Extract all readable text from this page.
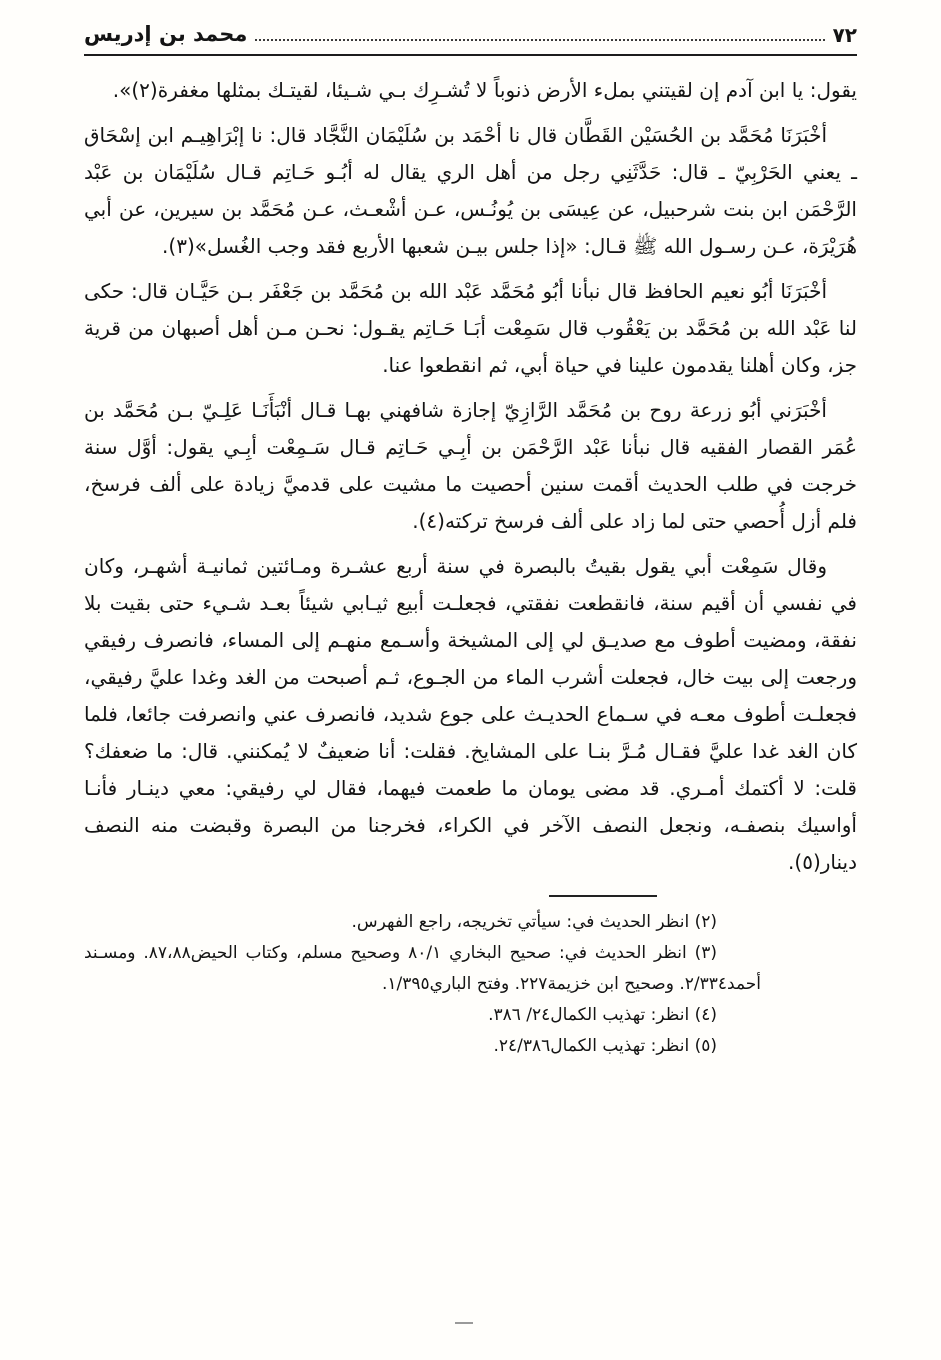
٧٢
محمد بن إدريس

يقول: يا ابن آدم إن لقيتني بملء الأرض ذنوباً لا تُشـرِك بـي شـيئا، لقيتـك بمثلها مغفرة(٢)».

أخْبَرَنَا مُحَمَّد بن الحُسَيْن القَطَّان قال نا أحْمَد بن سُلَيْمَان النَّجَّاد قال: نا إبْرَاهِيـم ابن إسْحَاق ـ يعني الحَرْبِيّ ـ قال: حَدَّثَنِي رجل من أهل الري يقال له أبُـو حَـاتِم قـال سُلَيْمَان بن عَبْد الرَّحْمَن ابن بنت شرحبيل، عن عِيسَى بن يُونُـس، عـن أشْعـث، عـن مُحَمَّد بن سيرين، عن أبي هُرَيْرَة، عـن رسـول الله ﷺ قـال: «إذا جلس بيـن شعبها الأربع فقد وجب الغُسل»(٣).

أخْبَرَنَا أبُو نعيم الحافظ قال نبأنا أبُو مُحَمَّد عَبْد الله بن مُحَمَّد بن جَعْفَر بـن حَيَّـان قال: حكى لنا عَبْد الله بن مُحَمَّد بن يَعْقُوب قال سَمِعْت أبَـا حَـاتِم يقـول: نحـن مـن أهل أصبهان من قرية جز، وكان أهلنا يقدمون علينا في حياة أبي، ثم انقطعوا عنا.

أخْبَرَني أبُو زرعة روح بن مُحَمَّد الرَّازِيّ إجازة شافهني بهـا قـال أنْبَأَنَـا عَلِـيّ بـن مُحَمَّد بن عُمَر القصار الفقيه قال نبأنا عَبْد الرَّحْمَن بن أبِـي حَـاتِم قـال سَـمِعْت أبِـي يقول: أوَّل سنة خرجت في طلب الحديث أقمت سنين أحصيت ما مشيت على قدميَّ زيادة على ألف فرسخ، فلم أزل أُحصي حتى لما زاد على ألف فرسخ تركته(٤).

وقال سَمِعْت أبي يقول بقيتُ بالبصرة في سنة أربع عشـرة ومـائتين ثمانيـة أشهـر، وكان في نفسي أن أقيم سنة، فانقطعت نفقتي، فجعلـت أبيع ثيـابي شيئاً بعـد شـيء حتى بقيت بلا نفقة، ومضيت أطوف مع صديـق لي إلى المشيخة وأسـمع منهـم إلى المساء، فانصرف رفيقي ورجعت إلى بيت خال، فجعلت أشرب الماء من الجـوع، ثـم أصبحت من الغد وغدا عليَّ رفيقي، فجعلـت أطوف معـه في سـماع الحديـث على جوع شديد، فانصرف عني وانصرفت جائعا، فلما كان الغد غدا عليَّ فقـال مُـرَّ بنـا على المشايخ. فقلت: أنا ضعيفٌ لا يُمكنني. قال: ما ضعفك؟ قلت: لا أكتمك أمـري. قد مضى يومان ما طعمت فيهما، فقال لي رفيقي: معي دينـار فأنـا أواسيك بنصفـه، ونجعل النصف الآخر في الكراء، فخرجنا من البصرة وقبضت منه النصف دينار(٥).

(٢) انظر الحديث في: سيأتي تخريجه، راجع الفهرس.

(٣) انظر الحديث في: صحيح البخاري ٨٠/١ وصحيح مسلم، وكتاب الحيض٨٧،٨٨. ومسـند أحمد٢/٣٣٤. وصحيح ابن خزيمة٢٢٧. وفتح الباري١/٣٩٥.

(٤) انظر: تهذيب الكمال٢٤/ ٣٨٦.

(٥) انظر: تهذيب الكمال٢٤/٣٨٦.
